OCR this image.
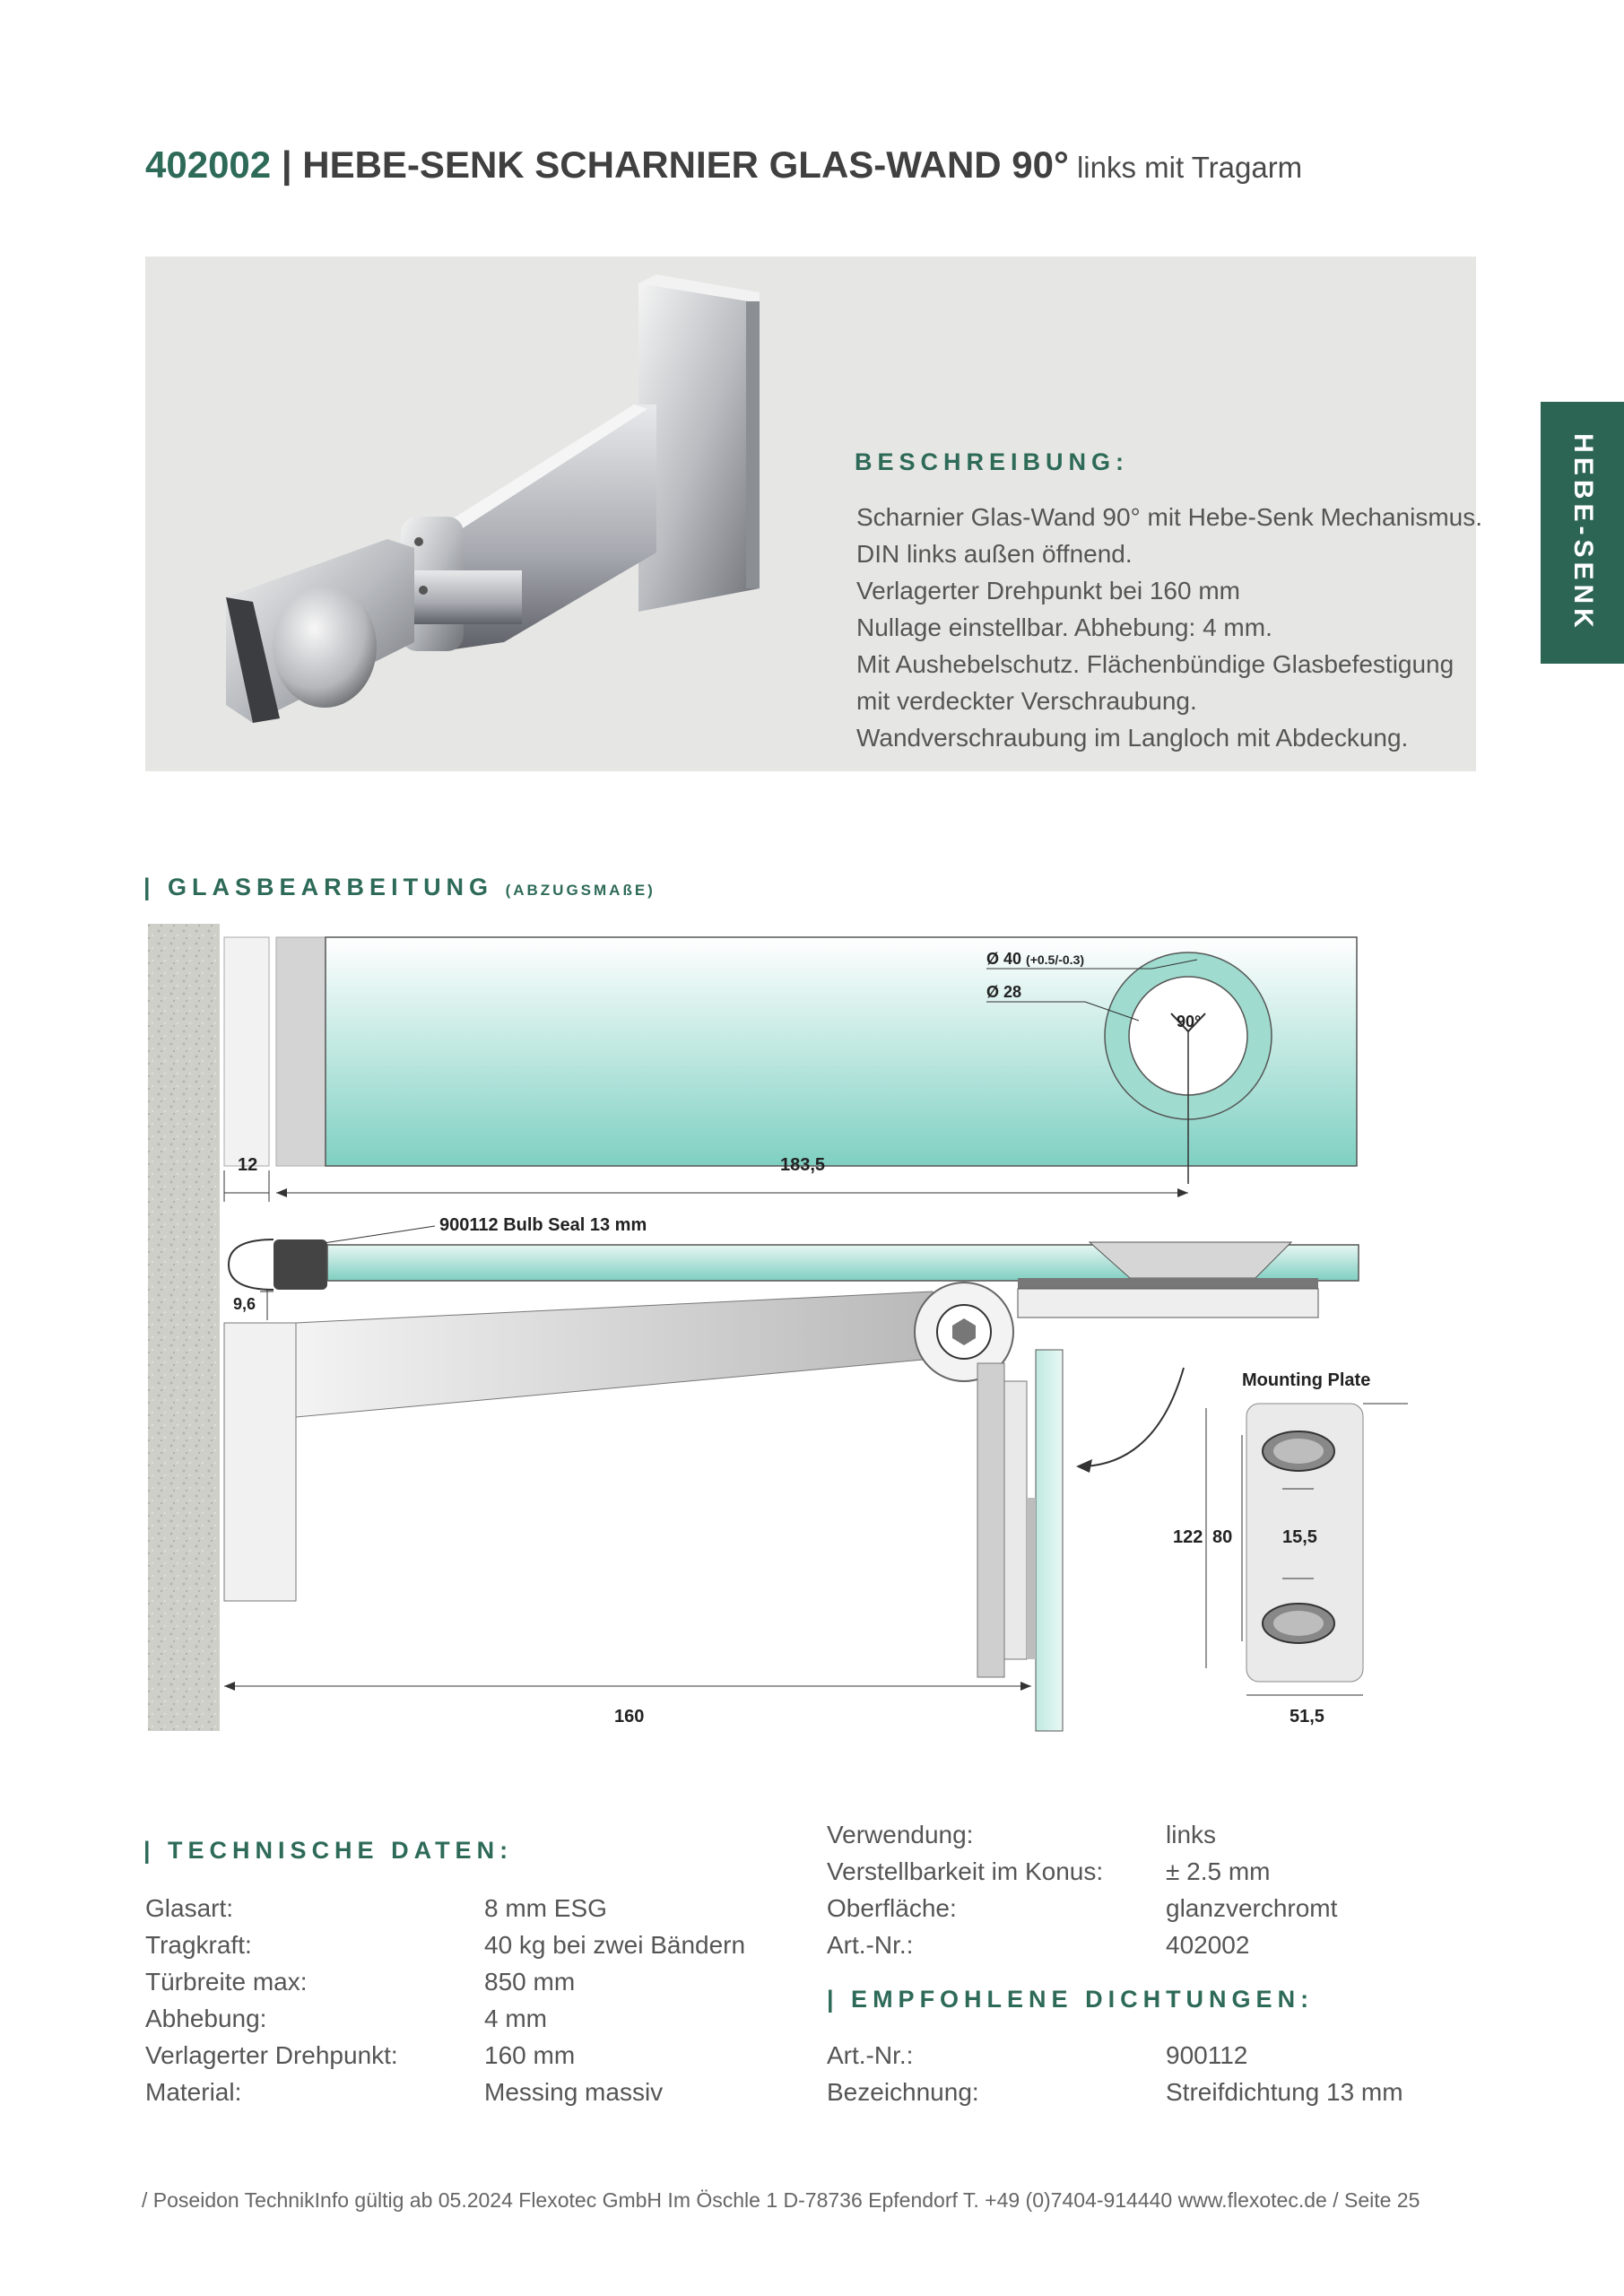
402002 | HEBE-SENK SCHARNIER GLAS-WAND 90° links mit Tragarm
BESCHREIBUNG:
Scharnier Glas-Wand 90° mit Hebe-Senk Mechanismus.
DIN links außen öffnend.
Verlagerter Drehpunkt bei 160 mm
Nullage einstellbar. Abhebung: 4 mm.
Mit Aushebelschutz. Flächenbündige Glasbefestigung
mit verdeckter Verschraubung.
Wandverschraubung im Langloch mit Abdeckung.
HEBE-SENK
| GLASBEARBEITUNG (ABZUGSMAßE)
Ø 40 (+0.5/-0.3)
Ø 28
90°
12	183,5
900112 Bulb Seal 13 mm
9,6
160
Mounting Plate
15,5
122 80
51,5
| TECHNISCHE DATEN:
Glasart:	8 mm ESG
Tragkraft:	40 kg bei zwei Bändern
Türbreite max:	850 mm
Abhebung:	4 mm
Verlagerter Drehpunkt:	160 mm
Material:	Messing massiv
Verwendung:	links
Verstellbarkeit im Konus: ± 2.5 mm
Oberfläche:	glanzverchromt
Art.-Nr.:	402002
| EMPFOHLENE DICHTUNGEN:
Art.-Nr.:	900112
Bezeichnung:	Streifdichtung 13 mm
/ Poseidon TechnikInfo gültig ab 05.2024 Flexotec GmbH Im Öschle 1 D-78736 Epfendorf T. +49 (0)7404-914440 www.flexotec.de / Seite 25
